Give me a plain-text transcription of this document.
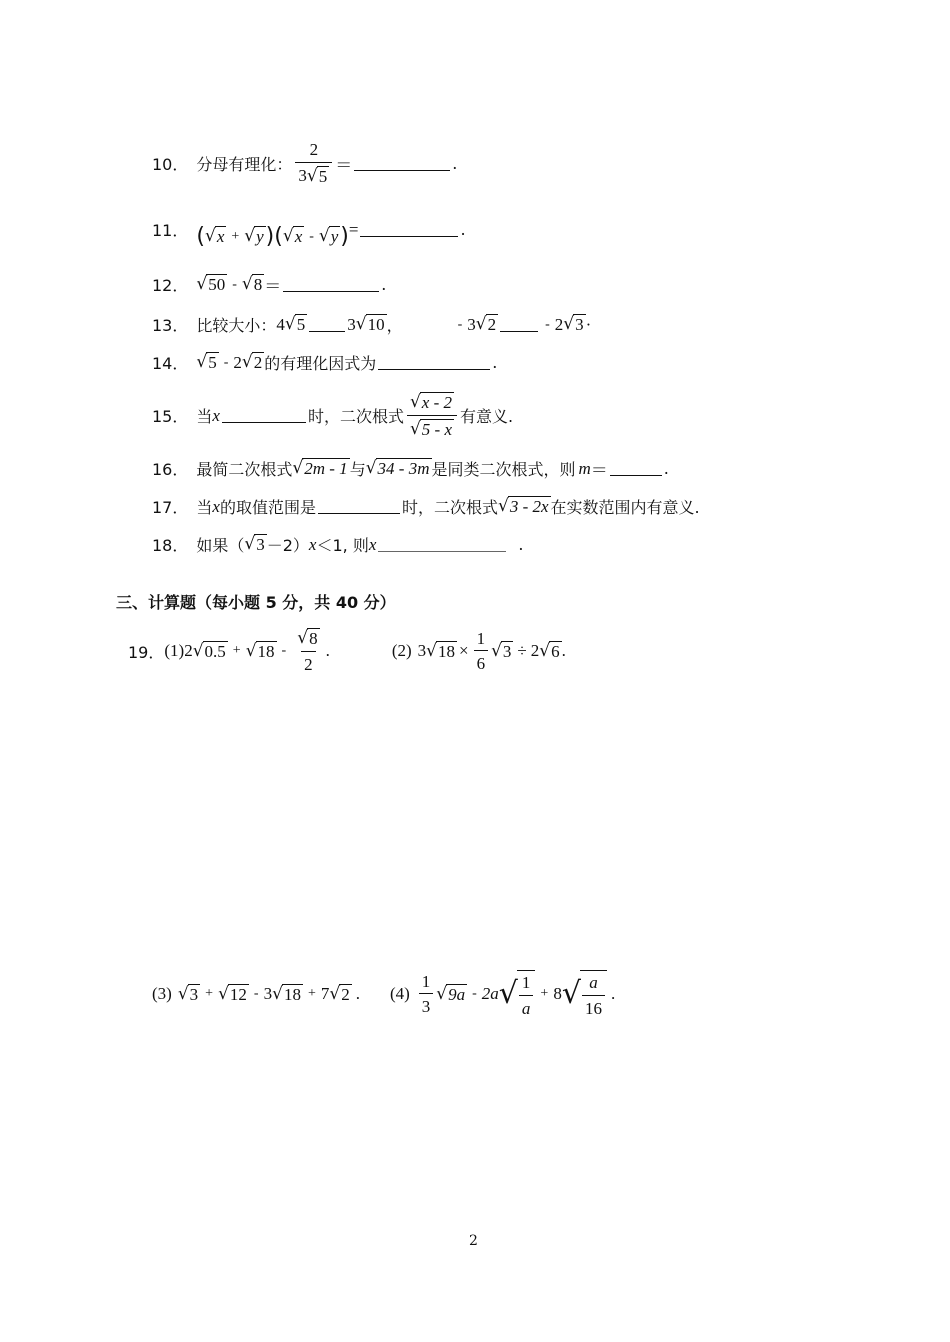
10． 分母有理化： $\frac{2}{3 √ 5}$ ＝	.
11． ( √ x + √ y ) ( √ x - √ y ) =	.
12． √ 50 - √ 8 ＝	.
13． 比较大小： 4 √ 5 3 √ 10 ，	- 3 √ 2	- 2 √ 3 ·
14． √ 5 - 2 √ 2 的有理化因式为	.
15． 当 x	时，二次根式 $\frac{√ x - 2}{√ 5 - x}$ 有意义.
16． 最简二次根式 √ 2m - 1 与 √ 34 - 3m 是同类二次根式，则 m ＝	.
17． 当 x 的取值范围是	时，二次根式 √ 3 - 2x 在实数范围内有意义.
18． 如果（ √ 3 －2） x ＜1, 则 x	.
三、计算题（每小题 5 分，共 40 分）
19． (1) 2 √ 0.5 + √ $18 - \frac{√ 8}{2}$ .	(2) 3 √ $18 \times \frac{1}{6}$ √ 3 ÷ 2 √ 6 .
(3) √ 3 + √ 12 - 3 √ 18 + 7 √ 2 . $(4) \frac{1}{3}$ √ 9a - 2a √ $\frac{1}{a} + 8$ √ $\frac{a}{16}$ .
2
